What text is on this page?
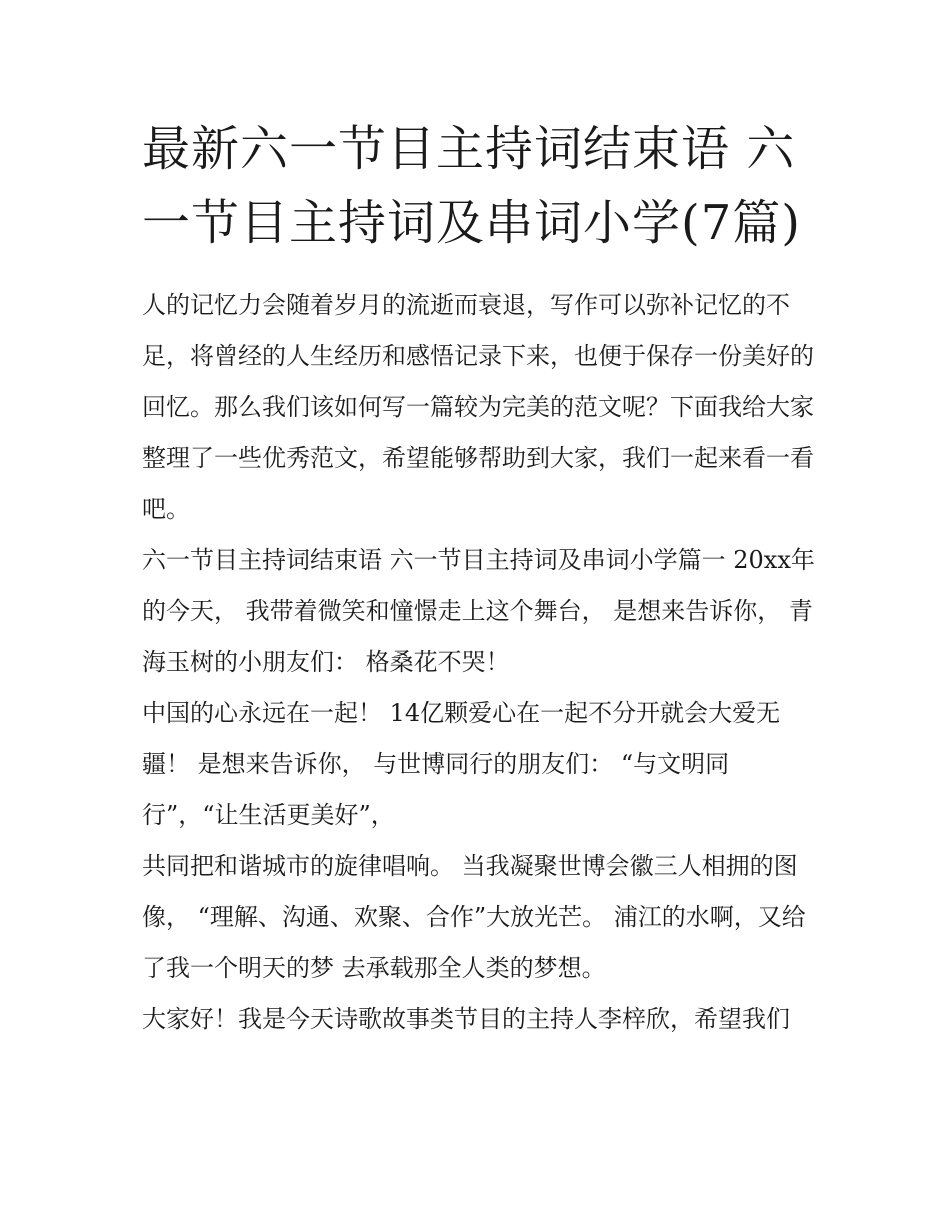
最新六一节目主持词结束语 六一节目主持词及串词小学(7篇)

人的记忆力会随着岁月的流逝而衰退，写作可以弥补记忆的不足，将曾经的人生经历和感悟记录下来，也便于保存一份美好的回忆。那么我们该如何写一篇较为完美的范文呢？下面我给大家整理了一些优秀范文，希望能够帮助到大家，我们一起来看一看吧。

六一节目主持词结束语 六一节目主持词及串词小学篇一 20xx年的今天， 我带着微笑和憧憬走上这个舞台， 是想来告诉你， 青海玉树的小朋友们： 格桑花不哭！

中国的心永远在一起！ 14亿颗爱心在一起不分开就会大爱无疆！ 是想来告诉你， 与世博同行的朋友们： “与文明同行”，“让生活更美好”，

共同把和谐城市的旋律唱响。 当我凝聚世博会徽三人相拥的图像， “理解、沟通、欢聚、合作”大放光芒。 浦江的水啊，又给了我一个明天的梦 去承载那全人类的梦想。

大家好！我是今天诗歌故事类节目的主持人李梓欣，希望我们
